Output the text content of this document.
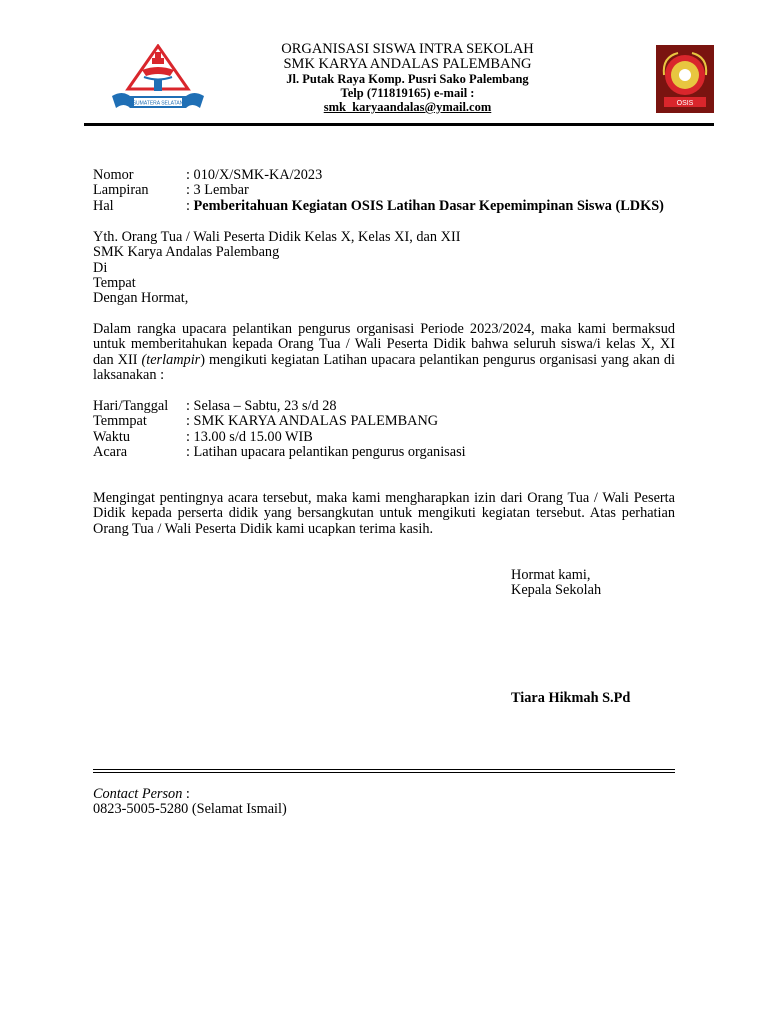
SUMATERA SELATAN
ORGANISASI SISWA INTRA SEKOLAH
SMK KARYA ANDALAS PALEMBANG
Jl. Putak Raya Komp. Pusri Sako Palembang
Telp (711819165) e-mail :
smk_karyaandalas@ymail.com	OSIS
Nomor	: 010/X/SMK-KA/2023
Lampiran	: 3 Lembar
Hal	: Pemberitahuan Kegiatan OSIS Latihan Dasar Kepemimpinan Siswa (LDKS)
Yth. Orang Tua / Wali Peserta Didik Kelas X, Kelas XI, dan XII
SMK Karya Andalas Palembang
Di
Tempat
Dengan Hormat,
Dalam rangka upacara pelantikan pengurus organisasi Periode 2023/2024, maka kami bermaksud untuk memberitahukan kepada Orang Tua / Wali Peserta Didik bahwa seluruh siswa/i kelas X, XI dan XII (terlampir) mengikuti kegiatan Latihan upacara pelantikan pengurus organisasi yang akan di laksanakan :
Hari/Tanggal	: Selasa – Sabtu, 23 s/d 28
Temmpat	: SMK KARYA ANDALAS PALEMBANG
Waktu	: 13.00 s/d 15.00 WIB
Acara	: Latihan upacara pelantikan pengurus organisasi
Mengingat pentingnya acara tersebut, maka kami mengharapkan izin dari Orang Tua / Wali Peserta Didik kepada perserta didik yang bersangkutan untuk mengikuti kegiatan tersebut. Atas perhatian Orang Tua / Wali Peserta Didik kami ucapkan terima kasih.
Hormat kami,
Kepala Sekolah
Tiara Hikmah S.Pd
Contact Person :
0823-5005-5280 (Selamat Ismail)
